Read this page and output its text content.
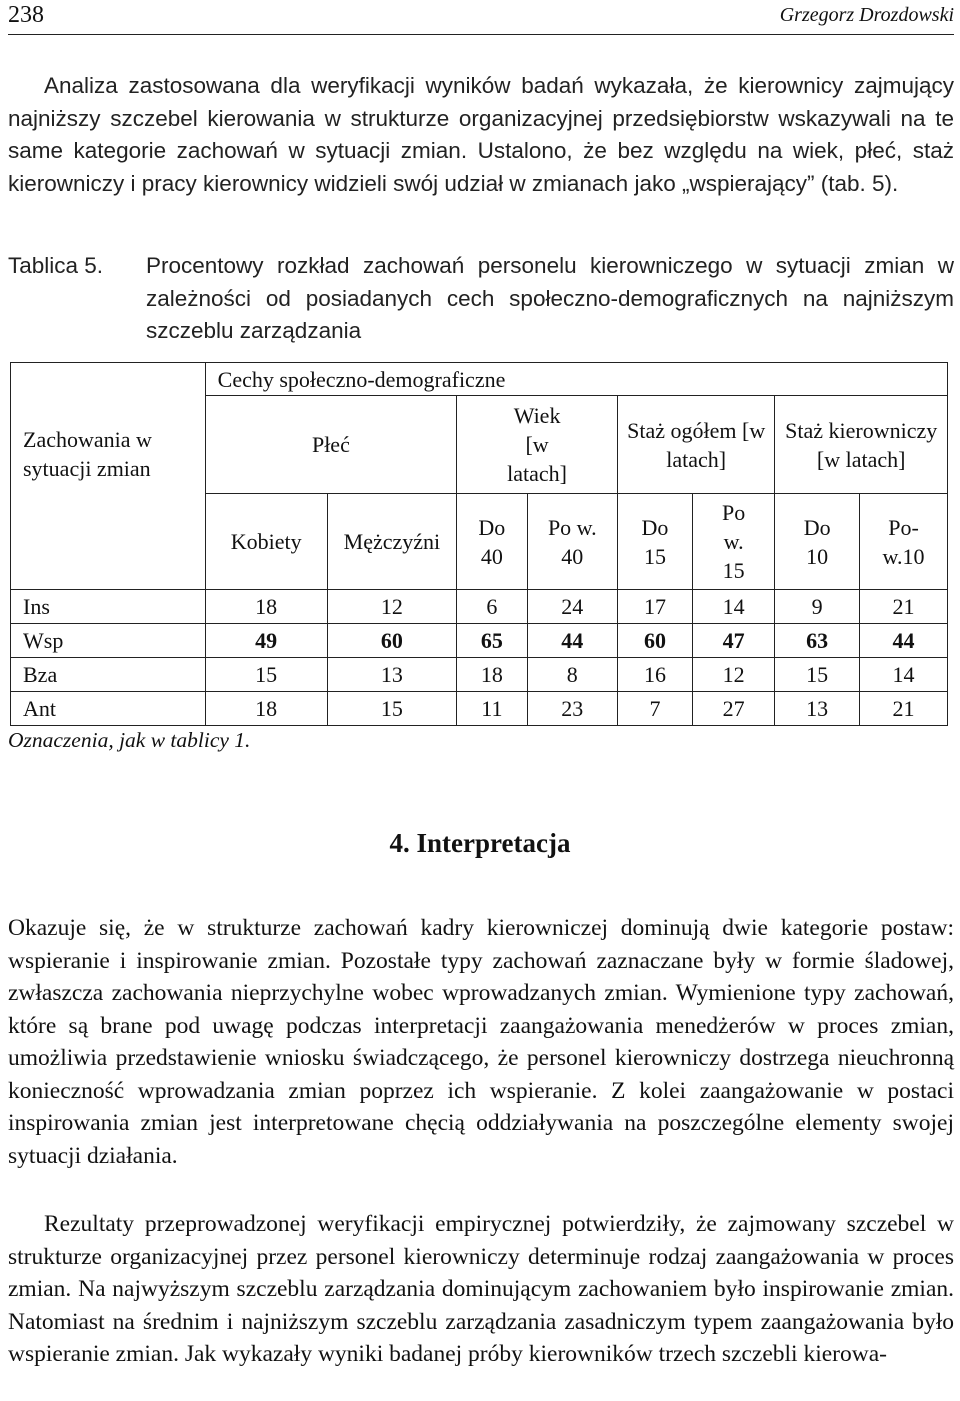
238	Grzegorz Drozdowski

Analiza zastosowana dla weryfikacji wyników badań wykazała, że kierownicy zajmujący najniższy szczebel kierowania w strukturze organizacyjnej przedsiębiorstw wskazywali na te same kategorie zachowań w sytuacji zmian. Ustalono, że bez względu na wiek, płeć, staż kierowniczy i pracy kierownicy widzieli swój udział w zmianach jako „wspierający” (tab. 5).

Tablica 5. Procentowy rozkład zachowań personelu kierowniczego w sytuacji zmian w zależności od posiadanych cech społeczno-demograficznych na najniższym szczeblu zarządzania
Zachowania w sytuacji zmian	Cechy społeczno-demograficzne							
	Płeć		Wiek [w latach]		Staż ogółem [w latach]		Staż kierowniczy [w latach]	

	Kobiety	Mężczyźni	Do 40	Po w. 40	Do 15	Po w. 15	Do 10	Po-w.10

Ins	18	12	6	24	17	14	9	21
Wsp	49	60	65	44	60	47	63	44
Bza	15	13	18	8	16	12	15	14
Ant	18	15	11	23	7	27	13	21
Oznaczenia, jak w tablicy 1.
4. Interpretacja

Okazuje się, że w strukturze zachowań kadry kierowniczej dominują dwie kategorie postaw: wspieranie i inspirowanie zmian. Pozostałe typy zachowań zaznaczane były w formie śladowej, zwłaszcza zachowania nieprzychylne wobec wprowadzanych zmian. Wymienione typy zachowań, które są brane pod uwagę podczas interpretacji zaangażowania menedżerów w proces zmian, umożliwia przedstawienie wniosku świadczącego, że personel kierowniczy dostrzega nieuchronną konieczność wprowadzania zmian poprzez ich wspieranie. Z kolei zaangażowanie w postaci inspirowania zmian jest interpretowane chęcią oddziaływania na poszczególne elementy swojej sytuacji działania.

Rezultaty przeprowadzonej weryfikacji empirycznej potwierdziły, że zajmowany szczebel w strukturze organizacyjnej przez personel kierowniczy determinuje rodzaj zaangażowania w proces zmian. Na najwyższym szczeblu zarządzania dominującym zachowaniem było inspirowanie zmian. Natomiast na średnim i najniższym szczeblu zarządzania zasadniczym typem zaangażowania było wspieranie zmian. Jak wykazały wyniki badanej próby kierowników trzech szczebli kierowa-
